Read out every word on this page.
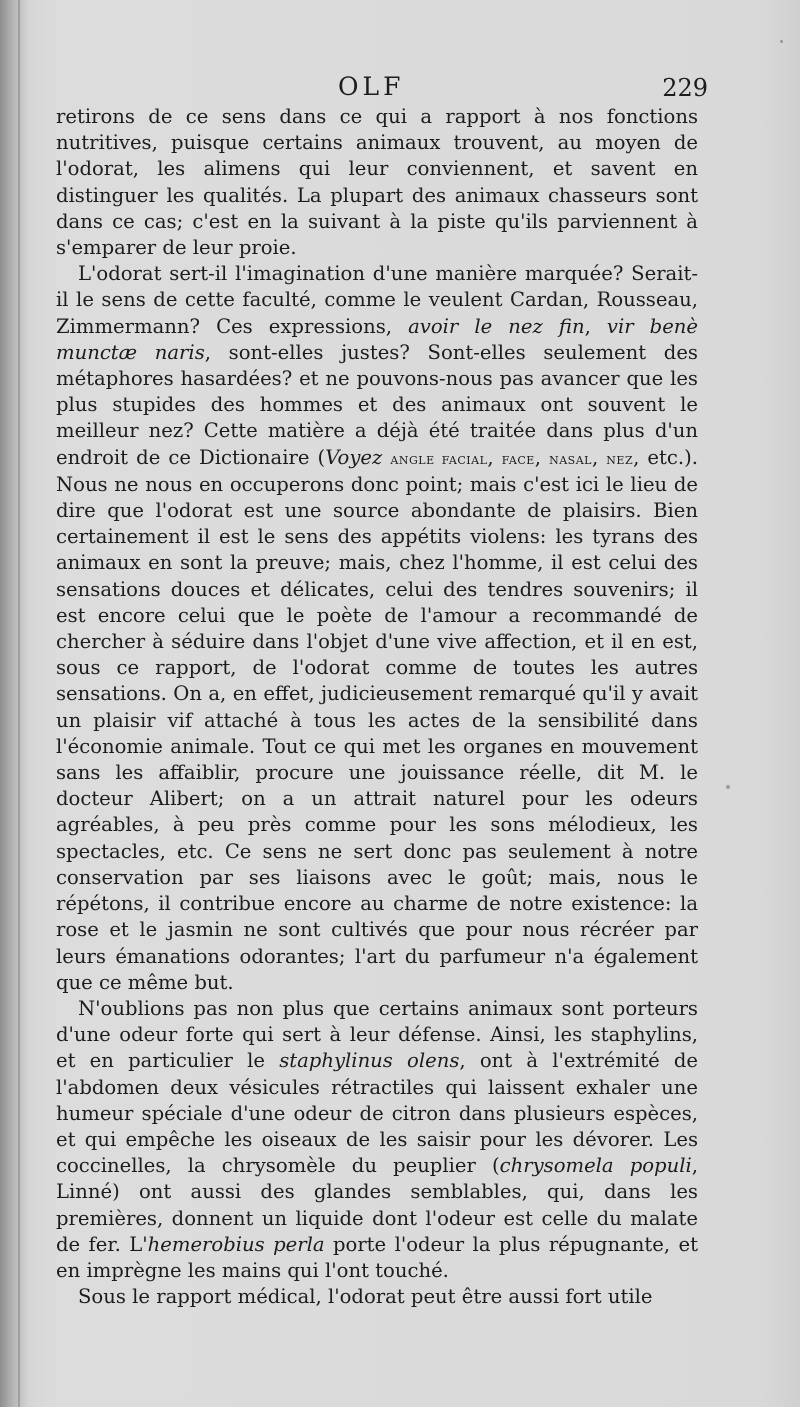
OLF	229

retirons de ce sens dans ce qui a rapport à nos fonctions nutritives, puisque certains animaux trouvent, au moyen de l'odorat, les alimens qui leur conviennent, et savent en distinguer les qualités. La plupart des animaux chasseurs sont dans ce cas; c'est en la suivant à la piste qu'ils parviennent à s'emparer de leur proie.

L'odorat sert-il l'imagination d'une manière marquée? Serait-il le sens de cette faculté, comme le veulent Cardan, Rousseau, Zimmermann? Ces expressions, avoir le nez fin, vir benè munctæ naris, sont-elles justes? Sont-elles seulement des métaphores hasardées? et ne pouvons-nous pas avancer que les plus stupides des hommes et des animaux ont souvent le meilleur nez? Cette matière a déjà été traitée dans plus d'un endroit de ce Dictionaire (Voyez angle facial, face, nasal, nez, etc.). Nous ne nous en occuperons donc point; mais c'est ici le lieu de dire que l'odorat est une source abondante de plaisirs. Bien certainement il est le sens des appétits violens: les tyrans des animaux en sont la preuve; mais, chez l'homme, il est celui des sensations douces et délicates, celui des tendres souvenirs; il est encore celui que le poète de l'amour a recommandé de chercher à séduire dans l'objet d'une vive affection, et il en est, sous ce rapport, de l'odorat comme de toutes les autres sensations. On a, en effet, judicieusement remarqué qu'il y avait un plaisir vif attaché à tous les actes de la sensibilité dans l'économie animale. Tout ce qui met les organes en mouvement sans les affaiblir, procure une jouissance réelle, dit M. le docteur Alibert; on a un attrait naturel pour les odeurs agréables, à peu près comme pour les sons mélodieux, les spectacles, etc. Ce sens ne sert donc pas seulement à notre conservation par ses liaisons avec le goût; mais, nous le répétons, il contribue encore au charme de notre existence: la rose et le jasmin ne sont cultivés que pour nous récréer par leurs émanations odorantes; l'art du parfumeur n'a également que ce même but.

N'oublions pas non plus que certains animaux sont porteurs d'une odeur forte qui sert à leur défense. Ainsi, les staphylins, et en particulier le staphylinus olens, ont à l'extrémité de l'abdomen deux vésicules rétractiles qui laissent exhaler une humeur spéciale d'une odeur de citron dans plusieurs espèces, et qui empêche les oiseaux de les saisir pour les dévorer. Les coccinelles, la chrysomèle du peuplier (chrysomela populi, Linné) ont aussi des glandes semblables, qui, dans les premières, donnent un liquide dont l'odeur est celle du malate de fer. L'hemerobius perla porte l'odeur la plus répugnante, et en imprègne les mains qui l'ont touché.

Sous le rapport médical, l'odorat peut être aussi fort utile
